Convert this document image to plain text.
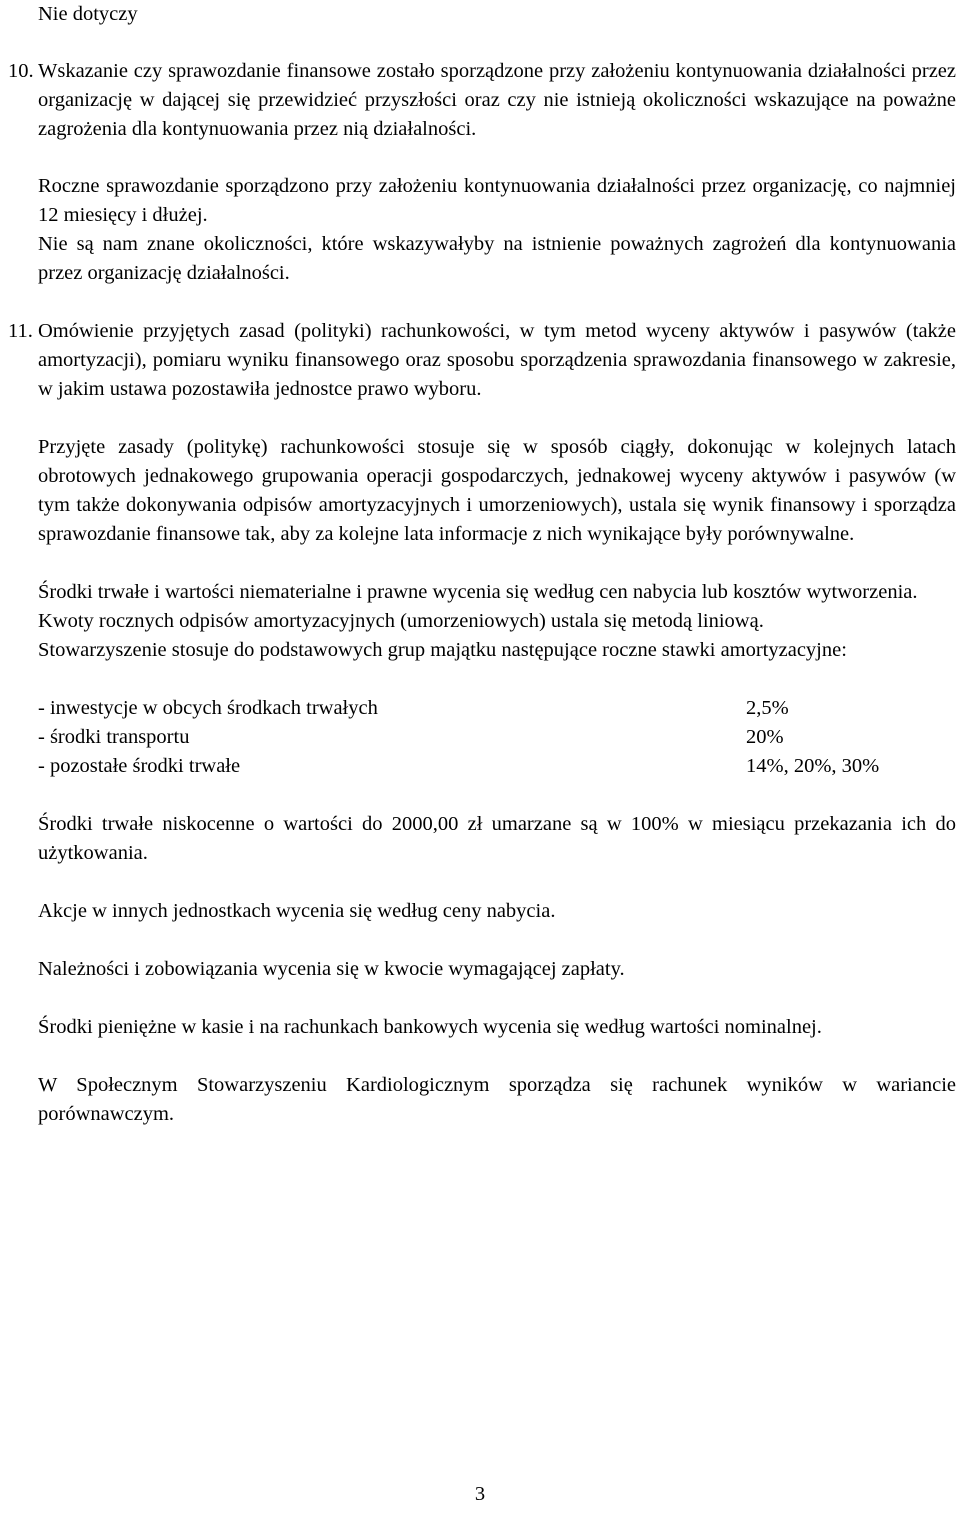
Nie dotyczy

10. Wskazanie czy sprawozdanie finansowe zostało sporządzone przy założeniu kontynuowania działalności przez organizację w dającej się przewidzieć przyszłości oraz czy nie istnieją okoliczności wskazujące na poważne zagrożenia dla kontynuowania przez nią działalności.

Roczne sprawozdanie sporządzono przy założeniu kontynuowania działalności przez organizację, co najmniej 12 miesięcy i dłużej.

Nie są nam znane okoliczności, które wskazywałyby na istnienie poważnych zagrożeń dla kontynuowania przez organizację działalności.

11. Omówienie przyjętych zasad (polityki) rachunkowości, w tym metod wyceny aktywów i pasywów (także amortyzacji), pomiaru wyniku finansowego oraz sposobu sporządzenia sprawozdania finansowego w zakresie, w jakim ustawa pozostawiła jednostce prawo wyboru.

Przyjęte zasady (politykę) rachunkowości stosuje się w sposób ciągły, dokonując w kolejnych latach obrotowych jednakowego grupowania operacji gospodarczych, jednakowej wyceny aktywów i pasywów (w tym także dokonywania odpisów amortyzacyjnych i umorzeniowych), ustala się wynik finansowy i sporządza sprawozdanie finansowe tak, aby za kolejne lata informacje z nich wynikające były porównywalne.

Środki trwałe i wartości niematerialne i prawne wycenia się według cen nabycia lub kosztów wytworzenia.

Kwoty rocznych odpisów amortyzacyjnych (umorzeniowych) ustala się metodą liniową.

Stowarzyszenie stosuje do podstawowych grup majątku następujące roczne stawki amortyzacyjne:

- inwestycje w obcych środkach trwałych	2,5%
- środki transportu	20%
- pozostałe środki trwałe	14%, 20%, 30%

Środki trwałe niskocenne o wartości do 2000,00 zł umarzane są w 100% w miesiącu przekazania ich do użytkowania.

Akcje w innych jednostkach wycenia się według ceny nabycia.

Należności i zobowiązania wycenia się w kwocie wymagającej zapłaty.

Środki pieniężne w kasie i na rachunkach bankowych wycenia się według wartości nominalnej.

W Społecznym Stowarzyszeniu Kardiologicznym sporządza się rachunek wyników w wariancie porównawczym.

3
